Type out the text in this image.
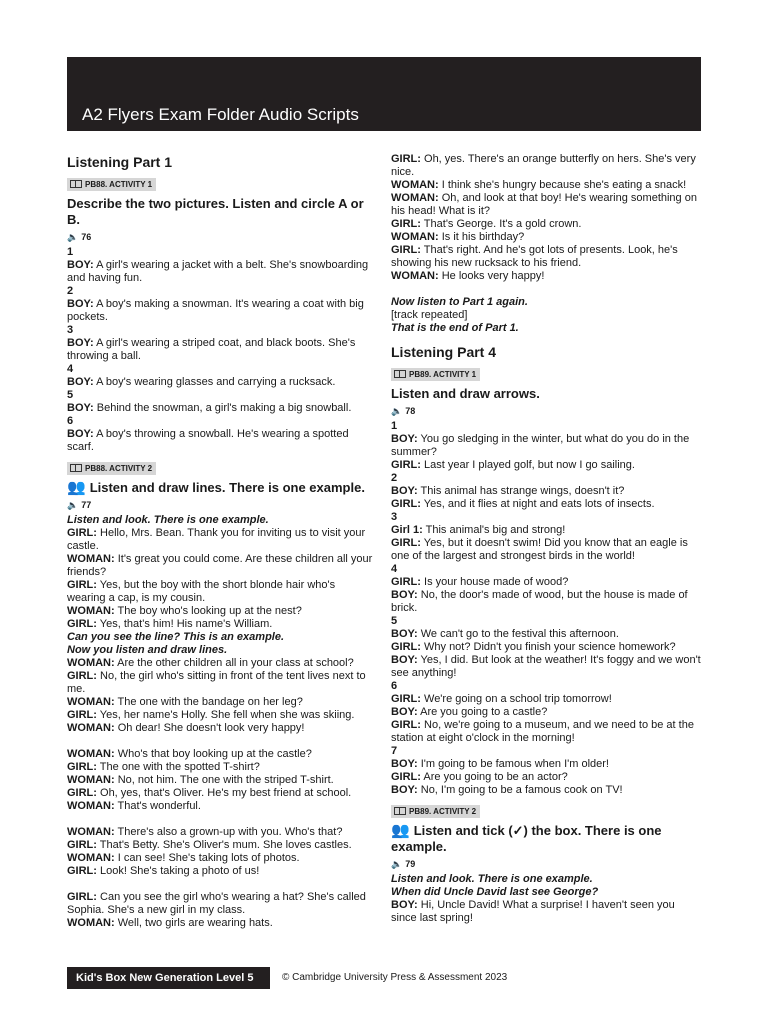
A2 Flyers Exam Folder Audio Scripts
Listening Part 1
PB88. ACTIVITY 1
Describe the two pictures. Listen and circle A or B.
🔈 76
1
BOY: A girl's wearing a jacket with a belt. She's snowboarding and having fun.
2
BOY: A boy's making a snowman. It's wearing a coat with big pockets.
3
BOY: A girl's wearing a striped coat, and black boots. She's throwing a ball.
4
BOY: A boy's wearing glasses and carrying a rucksack.
5
BOY: Behind the snowman, a girl's making a big snowball.
6
BOY: A boy's throwing a snowball. He's wearing a spotted scarf.
PB88. ACTIVITY 2
👥 Listen and draw lines. There is one example.
🔈 77
Listen and look. There is one example.
GIRL: Hello, Mrs. Bean. Thank you for inviting us to visit your castle.
WOMAN: It's great you could come. Are these children all your friends?
GIRL: Yes, but the boy with the short blonde hair who's wearing a cap, is my cousin.
WOMAN: The boy who's looking up at the nest?
GIRL: Yes, that's him! His name's William.
Can you see the line? This is an example.
Now you listen and draw lines.
WOMAN: Are the other children all in your class at school?
GIRL: No, the girl who's sitting in front of the tent lives next to me.
WOMAN: The one with the bandage on her leg?
GIRL: Yes, her name's Holly. She fell when she was skiing.
WOMAN: Oh dear! She doesn't look very happy!
WOMAN: Who's that boy looking up at the castle?
GIRL: The one with the spotted T-shirt?
WOMAN: No, not him. The one with the striped T-shirt.
GIRL: Oh, yes, that's Oliver. He's my best friend at school.
WOMAN: That's wonderful.
WOMAN: There's also a grown-up with you. Who's that?
GIRL: That's Betty. She's Oliver's mum. She loves castles.
WOMAN: I can see! She's taking lots of photos.
GIRL: Look! She's taking a photo of us!
GIRL: Can you see the girl who's wearing a hat? She's called Sophia. She's a new girl in my class.
WOMAN: Well, two girls are wearing hats.
GIRL: Oh, yes. There's an orange butterfly on hers. She's very nice.
WOMAN: I think she's hungry because she's eating a snack!
WOMAN: Oh, and look at that boy! He's wearing something on his head! What is it?
GIRL: That's George. It's a gold crown.
WOMAN: Is it his birthday?
GIRL: That's right. And he's got lots of presents. Look, he's showing his new rucksack to his friend.
WOMAN: He looks very happy!
Now listen to Part 1 again.
[track repeated]
That is the end of Part 1.
Listening Part 4
PB89. ACTIVITY 1
Listen and draw arrows.
🔈 78
1
BOY: You go sledging in the winter, but what do you do in the summer?
GIRL: Last year I played golf, but now I go sailing.
2
BOY: This animal has strange wings, doesn't it?
GIRL: Yes, and it flies at night and eats lots of insects.
3
Girl 1: This animal's big and strong!
GIRL: Yes, but it doesn't swim! Did you know that an eagle is one of the largest and strongest birds in the world!
4
GIRL: Is your house made of wood?
BOY: No, the door's made of wood, but the house is made of brick.
5
BOY: We can't go to the festival this afternoon.
GIRL: Why not? Didn't you finish your science homework?
BOY: Yes, I did. But look at the weather! It's foggy and we won't see anything!
6
GIRL: We're going on a school trip tomorrow!
BOY: Are you going to a castle?
GIRL: No, we're going to a museum, and we need to be at the station at eight o'clock in the morning!
7
BOY: I'm going to be famous when I'm older!
GIRL: Are you going to be an actor?
BOY: No, I'm going to be a famous cook on TV!
PB89. ACTIVITY 2
👥 Listen and tick (✓) the box. There is one example.
🔈 79
Listen and look. There is one example.
When did Uncle David last see George?
BOY: Hi, Uncle David! What a surprise! I haven't seen you since last spring!
Kid's Box New Generation Level 5	© Cambridge University Press & Assessment 2023
